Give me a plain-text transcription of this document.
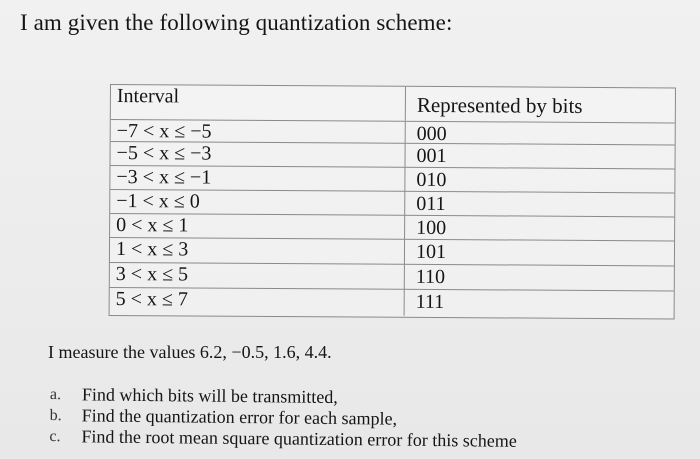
I am given the following quantization scheme:
Interval	Represented by bits
−7 < x ≤ −5	000
−5 < x ≤ −3	001
−3 < x ≤ −1	010
−1 < x ≤ 0	011
0 < x ≤ 1	100
1 < x ≤ 3	101
3 < x ≤ 5	110
5 < x ≤ 7	111
I measure the values 6.2, −0.5, 1.6, 4.4.
a.	Find which bits will be transmitted,
b.	Find the quantization error for each sample,
c.	Find the root mean square quantization error for this scheme
